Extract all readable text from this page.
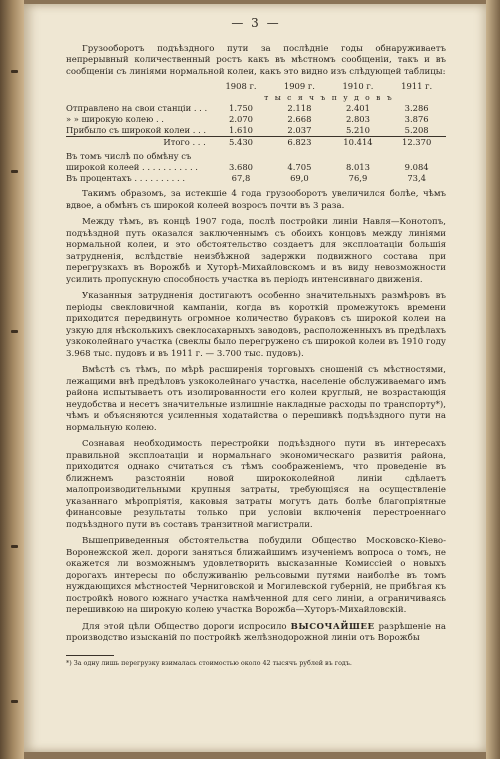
— 3 —

Грузооборотъ подъѣздного пути за послѣдніе годы обнаруживаетъ непрерывный количественный ростъ какъ въ мѣстномъ сообщеніи, такъ и въ сообщеніи съ линіями нормальной колеи, какъ это видно изъ слѣдующей таблицы:

	1908 г.	1909 г.	1910 г.	1911 г.
	т ы с я ч ъ п у д о в ъ			
Отправлено на свои станціи . . .	1.750	2.118	2.401	3.286
» » широкую колею . .	2.070	2.668	2.803	3.876
Прибыло съ широкой колеи . . .	1.610	2.037	5.210	5.208
Итого . . .	5.430	6.823	10.414	12.370
Въ томъ числѣ по обмѣну съ				
широкой колеей . . . . . . . . . . .	3.680	4.705	8.013	9.084
Въ процентахъ . . . . . . . . . .	67,8	69,0	76,9	73,4

Такимъ образомъ, за истекшіе 4 года грузооборотъ увеличился болѣе, чѣмъ вдвое, а обмѣнъ съ широкой колеей возросъ почти въ 3 раза.

Между тѣмъ, въ концѣ 1907 года, послѣ постройки линіи Навля—Конотопъ, подъѣздной путь оказался заключеннымъ съ обоихъ концовъ между линіями нормальной колеи, и это обстоятельство создаетъ для эксплоатаціи большія затрудненія, вслѣдствіе неизбѣжной задержки подвижного состава при перегрузкахъ въ Ворожбѣ и Хуторѣ-Михайловскомъ и въ виду невозможности усилить пропускную способность участка въ періодъ интенсивнаго движенія.

Указанныя затрудненія достигаютъ особенно значительныхъ размѣровъ въ періоды свекловичной кампаніи, когда въ короткій промежутокъ времени приходится передвинуть огромное количество бураковъ съ широкой колеи на узкую для нѣсколькихъ свеклосахарныхъ заводовъ, расположенныхъ въ предѣлахъ узкоколейнаго участка (свеклы было перегружено съ широкой колеи въ 1910 году 3.968 тыс. пудовъ и въ 1911 г. — 3.700 тыс. пудовъ).

Вмѣстѣ съ тѣмъ, по мѣрѣ расширенія торговыхъ сношеній съ мѣстностями, лежащими внѣ предѣловъ узкоколейнаго участка, населеніе обслуживаемаго имъ района испытываетъ отъ изолированности его колеи круглый, не возрастающія неудобства и несетъ значительные излишніе накладные расходы по транспорту*), чѣмъ и объясняются усиленныя ходатайства о перешивкѣ подъѣздного пути на нормальную колею.

Сознавая необходимость перестройки подъѣздного пути въ интересахъ правильной эксплоатаціи и нормальнаго экономическаго развитія района, приходится однако считаться съ тѣмъ соображеніемъ, что проведеніе въ ближнемъ разстояніи новой ширококолейной линіи сдѣлаетъ малопроизводительными крупныя затраты, требующіяся на осуществленіе указаннаго мѣропріятія, каковыя затраты могутъ дать болѣе благопріятные финансовые результаты только при условіи включенія перестроеннаго подъѣздного пути въ составъ транзитной магистрали.

Вышеприведенныя обстоятельства побудили Общество Московско-Кіево-Воронежской жел. дороги заняться ближайшимъ изученіемъ вопроса о томъ, не окажется ли возможнымъ удовлетворить высказанные Комиссіей о новыхъ дорогахъ интересы по обслуживанію рельсовыми путями наиболѣе въ томъ нуждающихся мѣстностей Черниговской и Могилевской губерній, не прибѣгая къ постройкѣ нового южнаго участка намѣченной для сего линіи, а ограничиваясь перешивкою на широкую колею участка Ворожба—Хуторъ-Михайловскій.

Для этой цѣли Общество дороги испросило ВЫСОЧАЙШЕЕ разрѣшеніе на производство изысканій по постройкѣ желѣзнодорожной линіи отъ Ворожбы

*) За одну лишь перегрузку взималась стоимостью около 42 тысячъ рублей въ годъ.
